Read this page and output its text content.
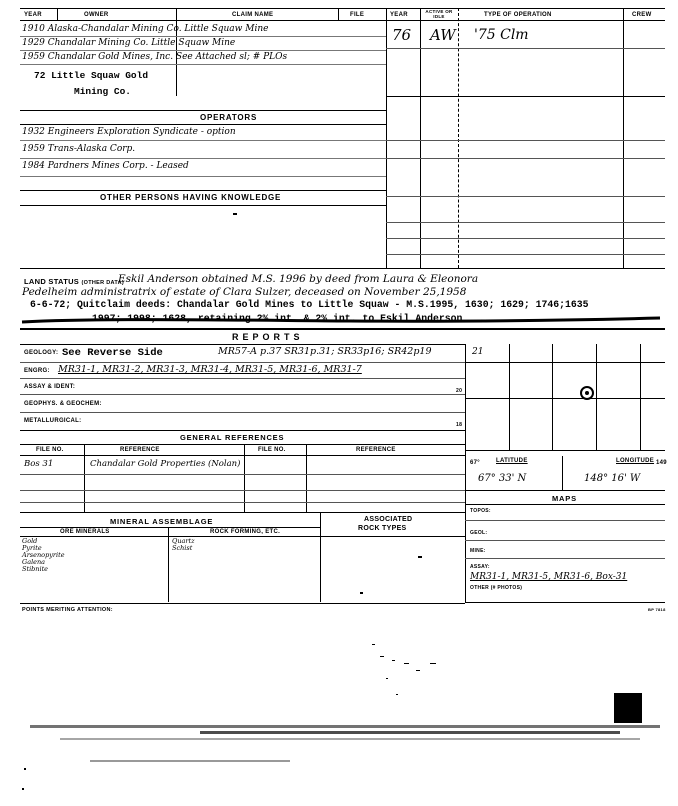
YEAR	OWNER	CLAIM NAME	FILE	YEAR
ACTIVE OR IDLE	TYPE OF OPERATION	CREW
1910 Alaska-Chandalar Mining Co. Little Squaw Mine
1929 Chandalar Mining Co. Little Squaw Mine
1959 Chandalar Gold Mines, Inc. See Attached sl; # PLOs
72 Little Squaw Gold
Mining Co.
76 AW '75 Clm
OPERATORS
1932 Engineers Exploration Syndicate - option
1959 Trans-Alaska Corp.
1984 Pardners Mines Corp. - Leased
OTHER PERSONS HAVING KNOWLEDGE
LAND STATUS (OTHER DATA)
Eskil Anderson obtained M.S. 1996 by deed from Laura & Eleonora
Pedelheim administratrix of estate of Clara Sulzer, deceased on November 25,1958
6-6-72; Quitclaim deeds: Chandalar Gold Mines to Little Squaw - M.S.1995, 1630; 1629; 1746;1635
1997; 1998; 1628, retaining 2% int. & 2% int. to Eskil Anderson
REPORTS
GEOLOGY: See Reverse Side	MR57-A p.37 SR31p.31; SR33p16; SR42p19	21
ENGRG: MR31-1, MR31-2, MR31-3, MR31-4, MR31-5, MR31-6, MR31-7
ASSAY & IDENT:
20
GEOPHYS. & GEOCHEM:
METALLURGICAL:
18
GENERAL REFERENCES
FILE NO.	REFERENCE	FILE NO.	REFERENCE
Bos 31	Chandalar Gold Properties (Nolan)
MINERAL ASSEMBLAGE	ASSOCIATED
ROCK TYPES
ORE MINERALS	ROCK FORMING, ETC.
Gold
Pyrite
Arsenopyrite
Galena
Stibnite
Quartz
Schist
67°	LATITUDE	LONGITUDE 149
67° 33' N	148° 16' W
MAPS
TOPOS:
GEOL:
MINE:
ASSAY:
MR31-1, MR31-5, MR31-6, Box-31
OTHER (# PHOTOS)
POINTS MERITING ATTENTION:	BP 7818
